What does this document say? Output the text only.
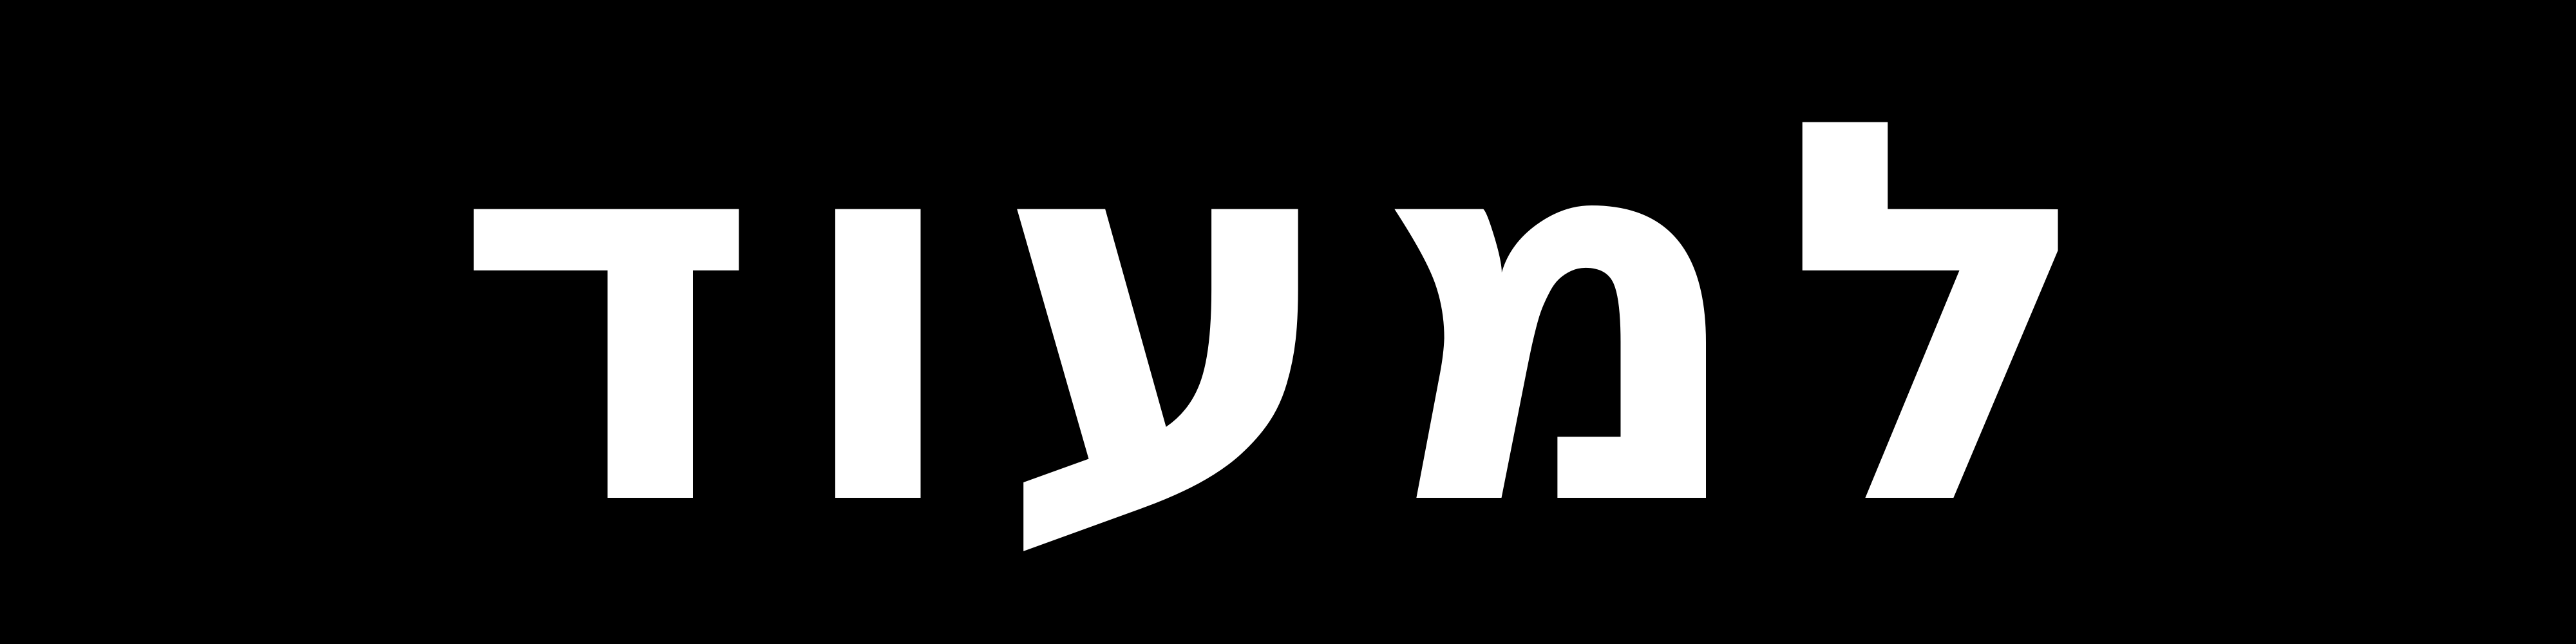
למעוד
